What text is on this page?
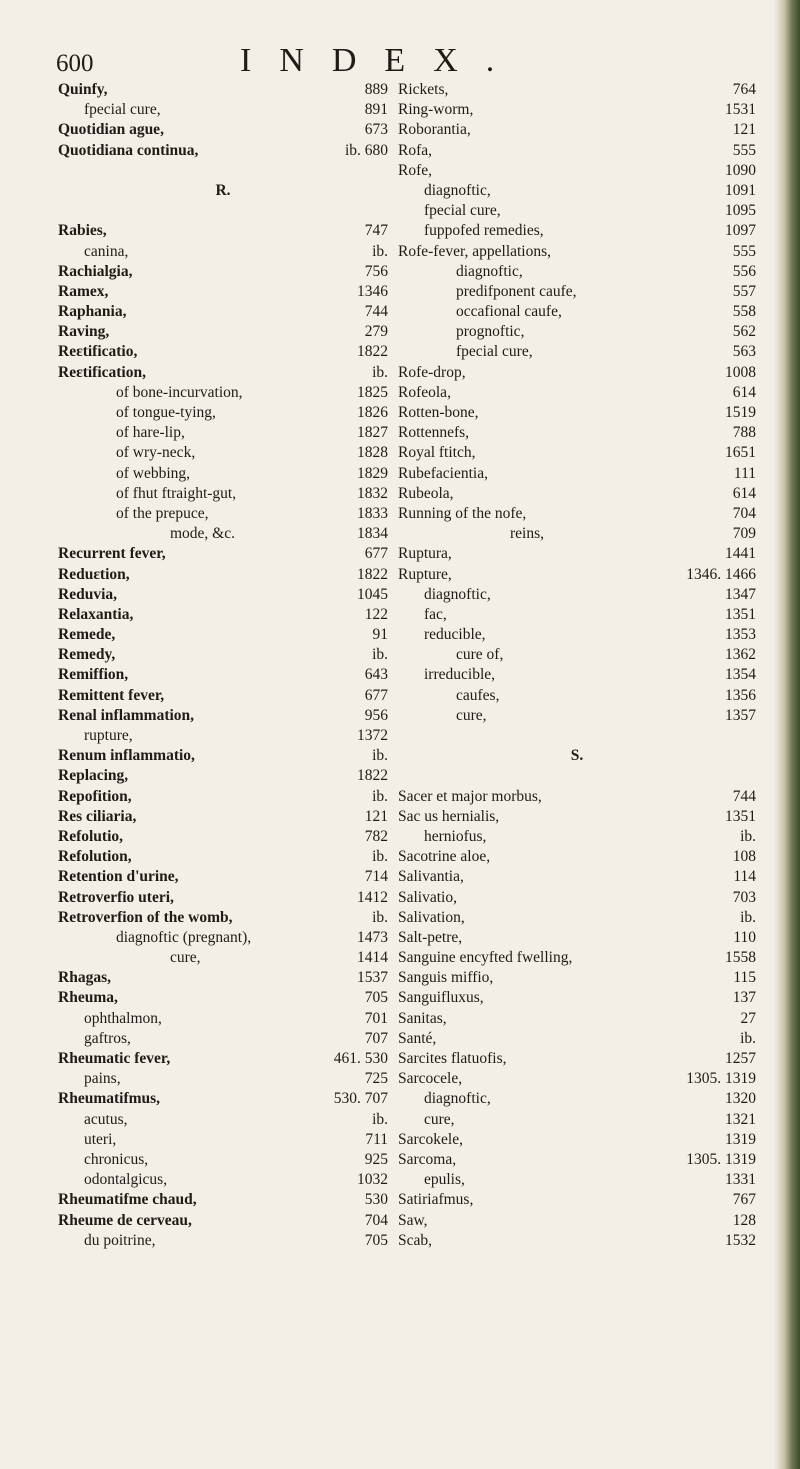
600	INDEX.
Quinfy,	889
fpecial cure,	891
Quotidian ague,	673
Quotidiana continua,	ib. 680
R.
Rabies,	747
canina,	ib.
Rachialgia,	756
Ramex,	1346
Raphania,	744
Raving,	279
Reɛtificatio,	1822
Reɛtification,	ib.
of bone-incurvation,	1825
of tongue-tying,	1826
of hare-lip,	1827
of wry-neck,	1828
of webbing,	1829
of fhut ftraight-gut,	1832
of the prepuce,	1833
mode, &c.	1834
Recurrent fever,	677
Reduɛtion,	1822
Reduvia,	1045
Relaxantia,	122
Remede,	91
Remedy,	ib.
Remiffion,	643
Remittent fever,	677
Renal inflammation,	956
rupture,	1372
Renum inflammatio,	ib.
Replacing,	1822
Repofition,	ib.
Res ciliaria,	121
Refolutio,	782
Refolution,	ib.
Retention d'urine,	714
Retroverfio uteri,	1412
Retroverfion of the womb,	ib.
diagnoftic (pregnant),	1473
cure,	1414
Rhagas,	1537
Rheuma,	705
ophthalmon,	701
gaftros,	707
Rheumatic fever,	461. 530
pains,	725
Rheumatifmus,	530. 707
acutus,	ib.
uteri,	711
chronicus,	925
odontalgicus,	1032
Rheumatifme chaud,	530
Rheume de cerveau,	704
du poitrine,	705
Rickets,	764
Ring-worm,	1531
Roborantia,	121
Rofa,	555
Rofe,	1090
diagnoftic,	1091
fpecial cure,	1095
fuppofed remedies,	1097
Rofe-fever, appellations,	555
diagnoftic,	556
predifponent caufe,	557
occafional caufe,	558
prognoftic,	562
fpecial cure,	563
Rofe-drop,	1008
Rofeola,	614
Rotten-bone,	1519
Rottennefs,	788
Royal ftitch,	1651
Rubefacientia,	111
Rubeola,	614
Running of the nofe,	704
reins,	709
Ruptura,	1441
Rupture,	1346. 1466
diagnoftic,	1347
fac,	1351
reducible,	1353
cure of,	1362
irreducible,	1354
caufes,	1356
cure,	1357
S.
Sacer et major morbus,	744
Sac us hernialis,	1351
herniofus,	ib.
Sacotrine aloe,	108
Salivantia,	114
Salivatio,	703
Salivation,	ib.
Salt-petre,	110
Sanguine encyfted fwelling,	1558
Sanguis miffio,	115
Sanguifluxus,	137
Sanitas,	27
Santé,	ib.
Sarcites flatuofis,	1257
Sarcocele,	1305. 1319
diagnoftic,	1320
cure,	1321
Sarcokele,	1319
Sarcoma,	1305. 1319
epulis,	1331
Satiriafmus,	767
Saw,	128
Scab,	1532
